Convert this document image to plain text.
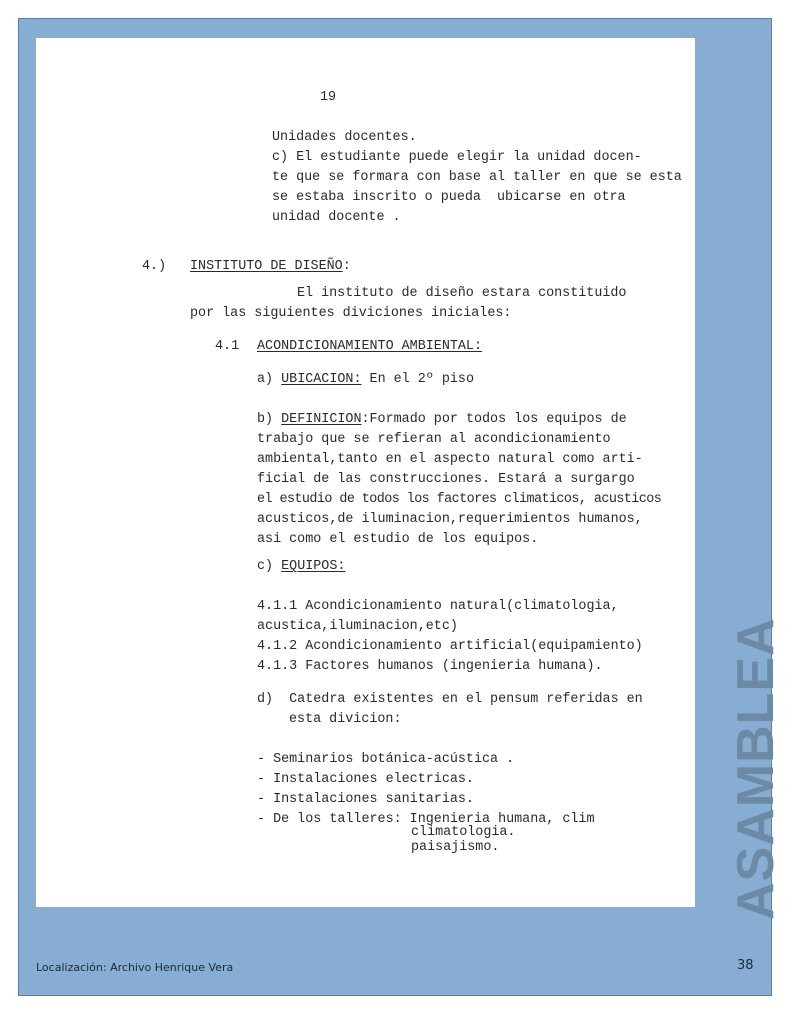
19
Unidades docentes.
c) El estudiante puede elegir la unidad docen-
te que se formara con base al taller en que se esta
se estaba inscrito o pueda  ubicarse en otra
unidad docente .
4.) INSTITUTO DE DISEÑO:
El instituto de diseño estara constituido
por las siguientes diviciones iniciales:
4.1 ACONDICIONAMIENTO AMBIENTAL:
a) UBICACION: En el 2º piso
b) DEFINICION:Formado por todos los equipos de
trabajo que se refieran al acondicionamiento
ambiental,tanto en el aspecto natural como arti-
ficial de las construcciones. Estará a surgargo
el estudio de todos los factores climaticos, acusticos
acusticos,de iluminacion,requerimientos humanos,
asi como el estudio de los equipos.
c) EQUIPOS:
4.1.1 Acondicionamiento natural(climatologia,
acustica,iluminacion,etc)
4.1.2 Acondicionamiento artificial(equipamiento)
4.1.3 Factores humanos (ingenieria humana).
d)  Catedra existentes en el pensum referidas en
esta divicion:
- Seminarios botánica-acústica .
- Instalaciones electricas.
- Instalaciones sanitarias.
- De los talleres: Ingenieria humana, clim
climatologia.
paisajismo.	ASAMBLEA
Localización: Archivo Henrique Vera	38
